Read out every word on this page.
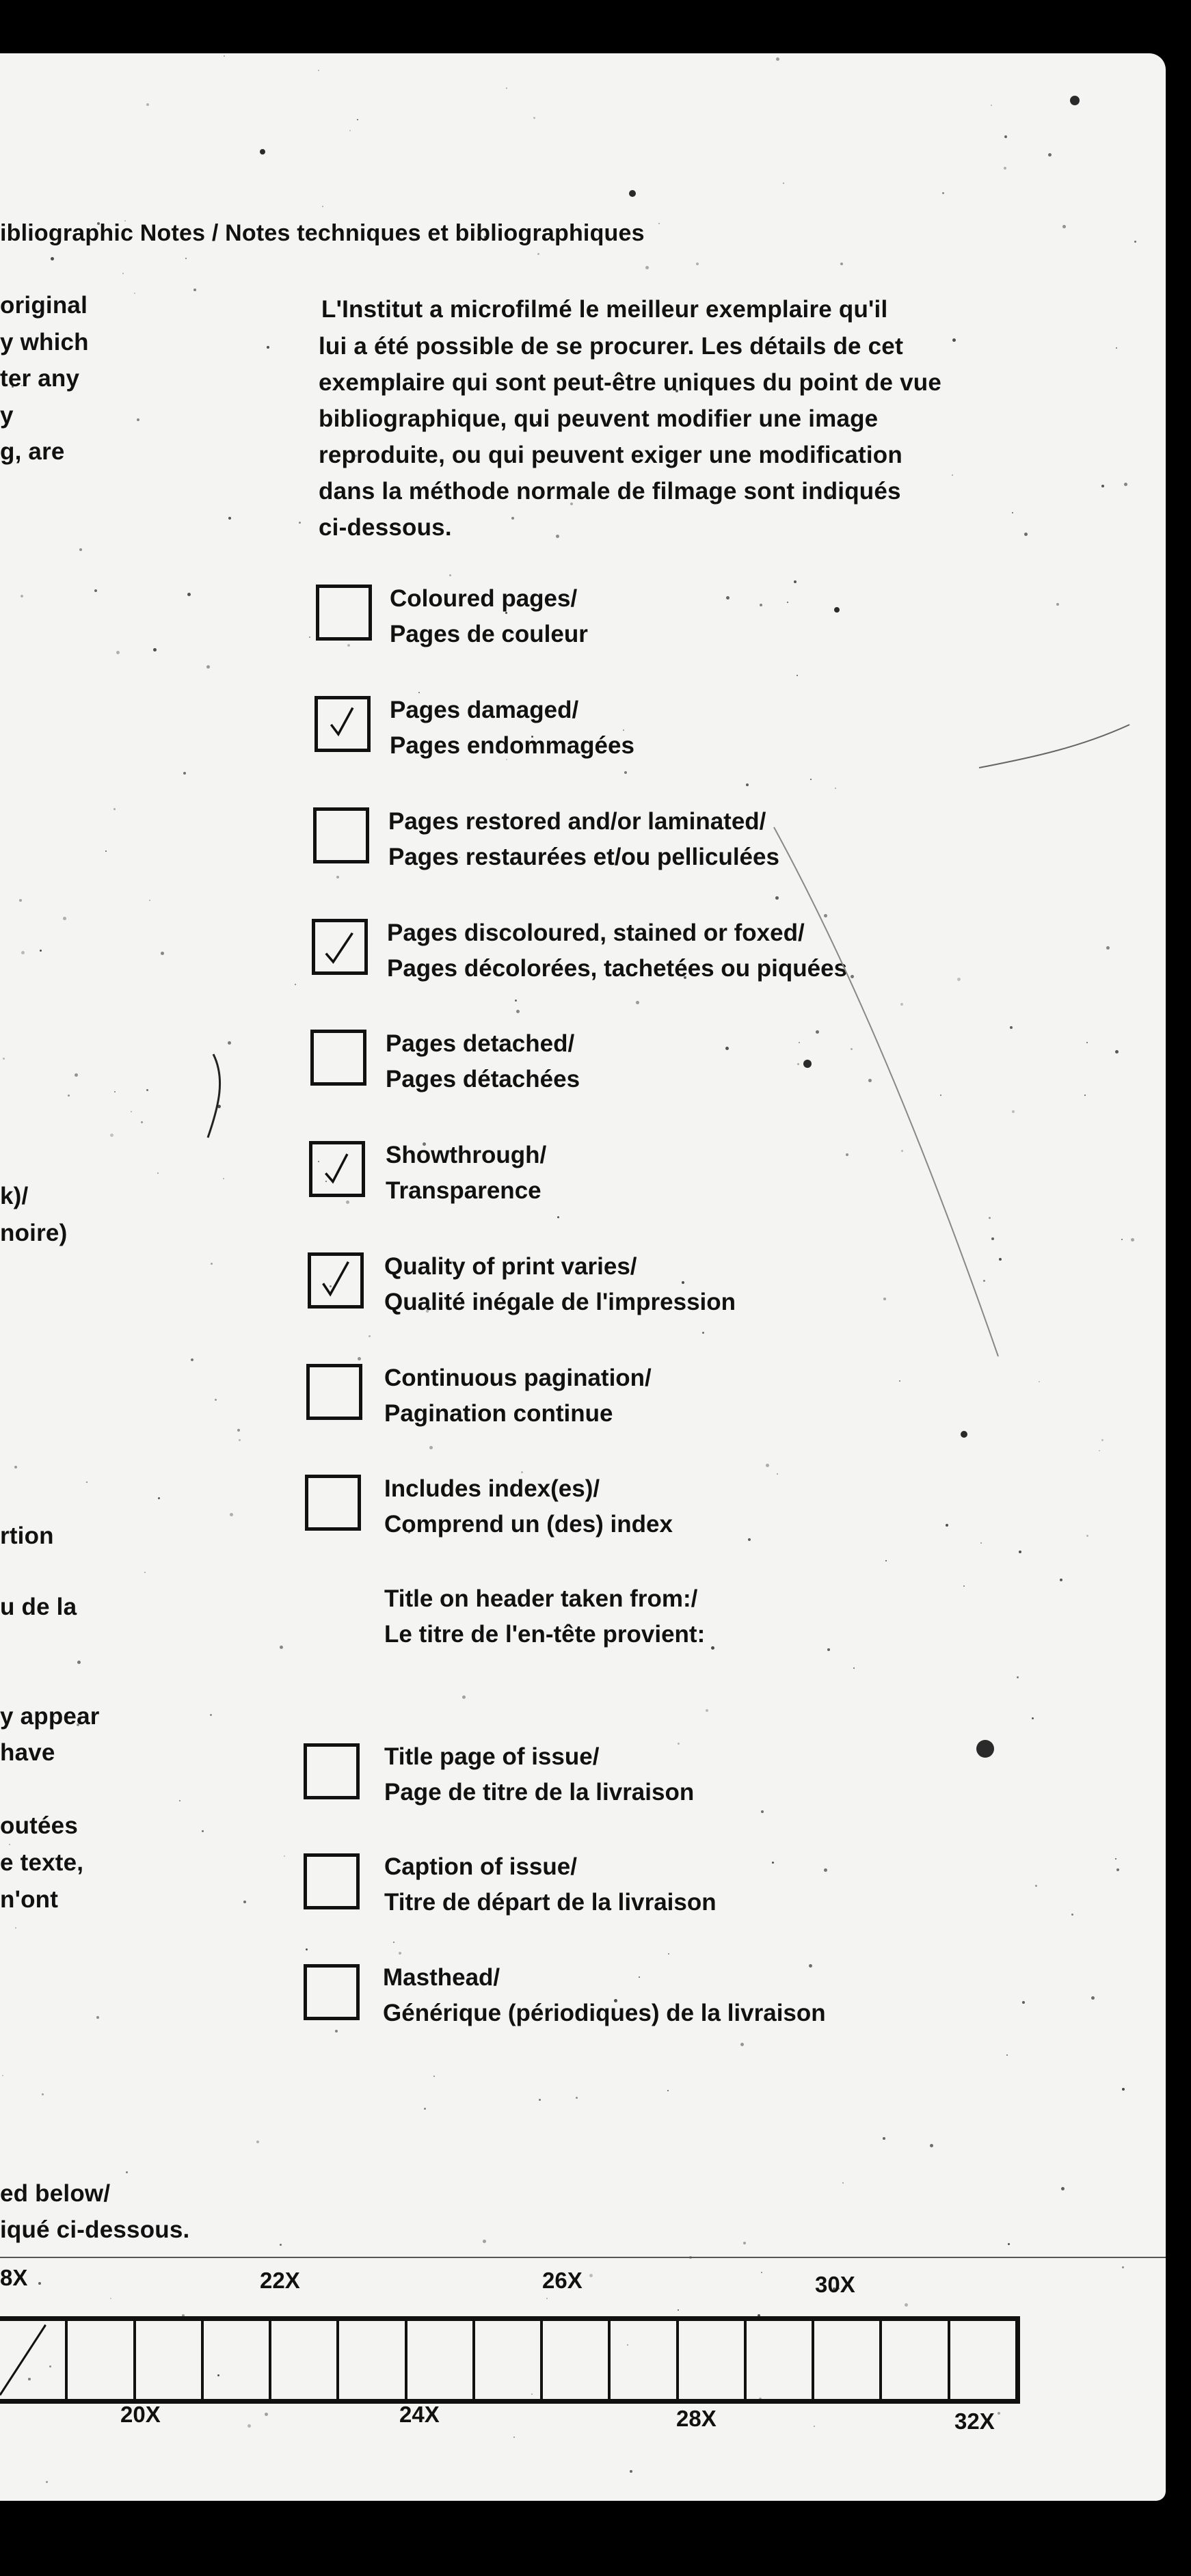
ibliographic Notes / Notes techniques et bibliographiques
original
y which
ter any
y
g, are
k)/
noire)
rtion
u de la
y appear
have
outées
e texte,
n'ont
ed below/
iqué ci-dessous.
L'Institut a microfilmé le meilleur exemplaire qu'il
lui a été possible de se procurer. Les détails de cet
exemplaire qui sont peut-être uniques du point de vue
bibliographique, qui peuvent modifier une image
reproduite, ou qui peuvent exiger une modification
dans la méthode normale de filmage sont indiqués
ci-dessous.
Coloured pages/
Pages de couleur
Pages damaged/
Pages endommagées
Pages restored and/or laminated/
Pages restaurées et/ou pelliculées
Pages discoloured, stained or foxed/
Pages décolorées, tachetées ou piquées
Pages detached/
Pages détachées
Showthrough/
Transparence
Quality of print varies/
Qualité inégale de l'impression
Continuous pagination/
Pagination continue
Includes index(es)/
Comprend un (des) index
Title on header taken from:/
Le titre de l'en-tête provient:
Title page of issue/
Page de titre de la livraison
Caption of issue/
Titre de départ de la livraison
Masthead/
Générique (périodiques) de la livraison
8X	22X	26X	30X
20X	24X	28X	32X
